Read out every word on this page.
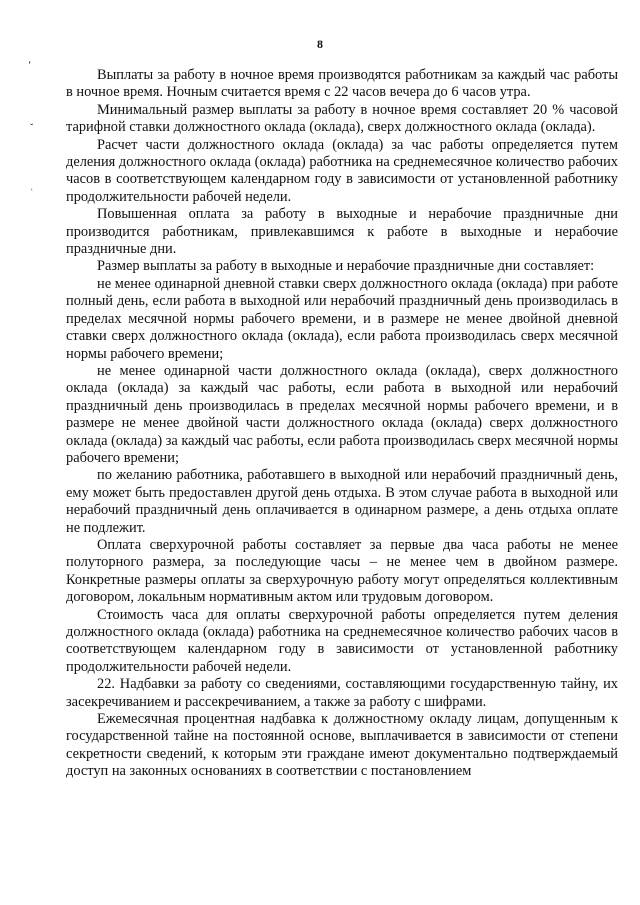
8
ʻ
ˇ
˓

Выплаты за работу в ночное время производятся работникам за каждый час работы в ночное время. Ночным считается время с 22 часов вечера до 6 часов утра.

Минимальный размер выплаты за работу в ночное время составляет 20 % часовой тарифной ставки должностного оклада (оклада), сверх должностного оклада (оклада).

Расчет части должностного оклада (оклада) за час работы определяется путем деления должностного оклада (оклада) работника на среднемесячное количество рабочих часов в соответствующем календарном году в зависимости от установленной работнику продолжительности рабочей недели.

Повышенная оплата за работу в выходные и нерабочие праздничные дни производится работникам, привлекавшимся к работе в выходные и нерабочие праздничные дни.

Размер выплаты за работу в выходные и нерабочие праздничные дни составляет:

не менее одинарной дневной ставки сверх должностного оклада (оклада) при работе полный день, если работа в выходной или нерабочий праздничный день производилась в пределах месячной нормы рабочего времени, и в размере не менее двойной дневной ставки сверх должностного оклада (оклада), если работа производилась сверх месячной нормы рабочего времени;

не менее одинарной части должностного оклада (оклада), сверх должностного оклада (оклада) за каждый час работы, если работа в выходной или нерабочий праздничный день производилась в пределах месячной нормы рабочего времени, и в размере не менее двойной части должностного оклада (оклада) сверх должностного оклада (оклада) за каждый час работы, если работа производилась сверх месячной нормы рабочего времени;

по желанию работника, работавшего в выходной или нерабочий праздничный день, ему может быть предоставлен другой день отдыха. В этом случае работа в выходной или нерабочий праздничный день оплачивается в одинарном размере, а день отдыха оплате не подлежит.

Оплата сверхурочной работы составляет за первые два часа работы не менее полуторного размера, за последующие часы – не менее чем в двойном размере. Конкретные размеры оплаты за сверхурочную работу могут определяться коллективным договором, локальным нормативным актом или трудовым договором.

Стоимость часа для оплаты сверхурочной работы определяется путем деления должностного оклада (оклада) работника на среднемесячное количество рабочих часов в соответствующем календарном году в зависимости от установленной работнику продолжительности рабочей недели.

22. Надбавки за работу со сведениями, составляющими государственную тайну, их засекречиванием и рассекречиванием, а также за работу с шифрами.

Ежемесячная процентная надбавка к должностному окладу лицам, допущенным к государственной тайне на постоянной основе, выплачивается в зависимости от степени секретности сведений, к которым эти граждане имеют документально подтверждаемый доступ на законных основаниях в соответствии с постановлением
